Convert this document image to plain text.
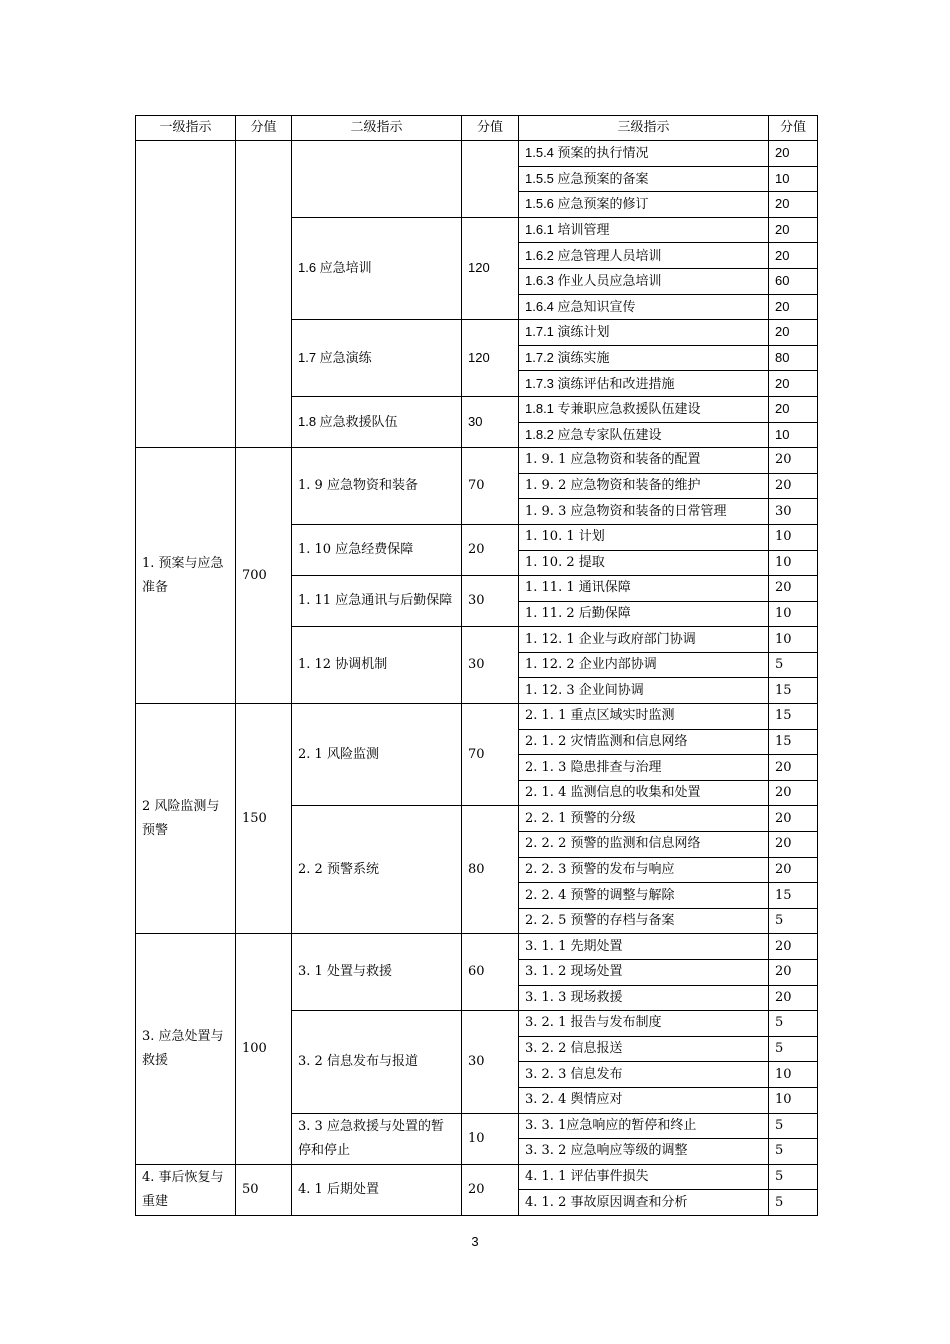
一级指示	分值	二级指示	分值	三级指示	分值
				1.5.4 预案的执行情况	20
				1.5.5 应急预案的备案	10
				1.5.6 应急预案的修订	20
		1.6 应急培训	120	1.6.1 培训管理	20
				1.6.2 应急管理人员培训	20
				1.6.3 作业人员应急培训	60
				1.6.4 应急知识宣传	20
		1.7 应急演练	120	1.7.1 演练计划	20
				1.7.2 演练实施	80
				1.7.3 演练评估和改进措施	20
		1.8 应急救援队伍	30	1.8.1 专兼职应急救援队伍建设	20
				1.8.2 应急专家队伍建设	10
1. 预案与应急准备	700	1. 9 应急物资和装备	70	1. 9. 1 应急物资和装备的配置	20
				1. 9. 2 应急物资和装备的维护	20
				1. 9. 3 应急物资和装备的日常管理	30
		1. 10 应急经费保障	20	1. 10. 1 计划	10
				1. 10. 2 提取	10
		1. 11 应急通讯与后勤保障	30	1. 11. 1 通讯保障	20
				1. 11. 2 后勤保障	10
		1. 12 协调机制	30	1. 12. 1 企业与政府部门协调	10
				1. 12. 2 企业内部协调	5
				1. 12. 3 企业间协调	15
2 风险监测与预警	150	2. 1 风险监测	70	2. 1. 1 重点区域实时监测	15
				2. 1. 2 灾情监测和信息网络	15
				2. 1. 3 隐患排查与治理	20
				2. 1. 4 监测信息的收集和处置	20
		2. 2 预警系统	80	2. 2. 1 预警的分级	20
				2. 2. 2 预警的监测和信息网络	20
				2. 2. 3 预警的发布与响应	20
				2. 2. 4 预警的调整与解除	15
				2. 2. 5 预警的存档与备案	5
3. 应急处置与救援	100	3. 1 处置与救援	60	3. 1. 1 先期处置	20
				3. 1. 2 现场处置	20
				3. 1. 3 现场救援	20
		3. 2 信息发布与报道	30	3. 2. 1 报告与发布制度	5
				3. 2. 2 信息报送	5
				3. 2. 3 信息发布	10
				3. 2. 4 舆情应对	10
		3. 3 应急救援与处置的暂停和停止	10	3. 3. 1应急响应的暂停和终止	5
				3. 3. 2 应急响应等级的调整	5
4. 事后恢复与重建	50	4. 1 后期处置	20	4. 1. 1 评估事件损失	5
				4. 1. 2 事故原因调查和分析	5
3
